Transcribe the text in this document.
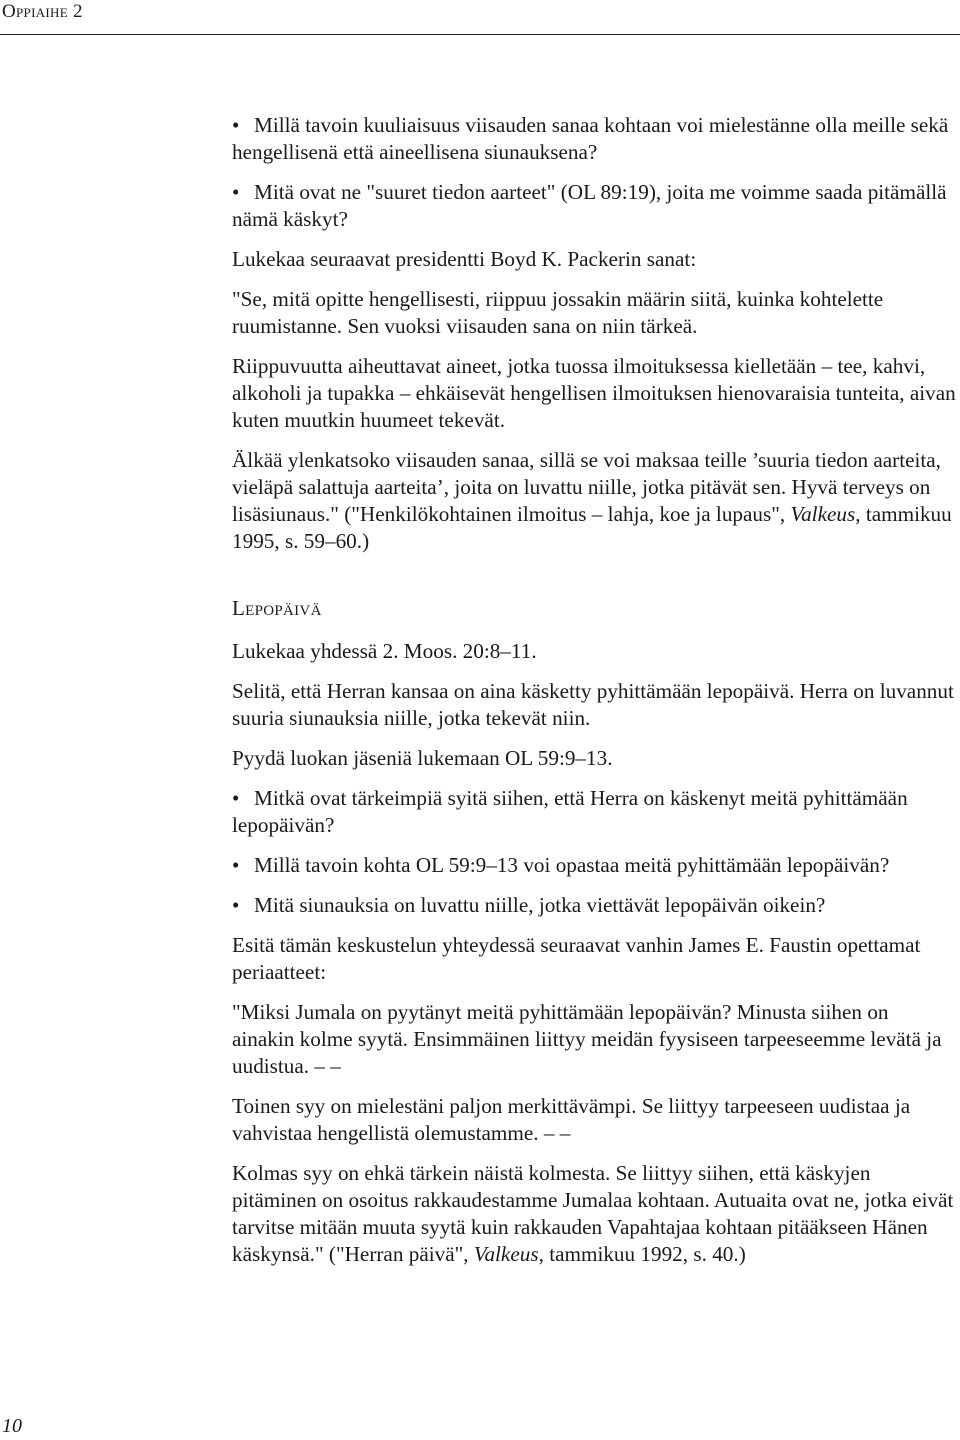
Oppiaihe 2

• Millä tavoin kuuliaisuus viisauden sanaa kohtaan voi mielestänne olla meille sekä hengellisenä että aineellisena siunauksena?

• Mitä ovat ne "suuret tiedon aarteet" (OL 89:19), joita me voimme saada pitämällä nämä käskyt?

Lukekaa seuraavat presidentti Boyd K. Packerin sanat:

"Se, mitä opitte hengellisesti, riippuu jossakin määrin siitä, kuinka kohtelette ruumistanne. Sen vuoksi viisauden sana on niin tärkeä.

Riippuvuutta aiheuttavat aineet, jotka tuossa ilmoituksessa kielletään – tee, kahvi, alkoholi ja tupakka – ehkäisevät hengellisen ilmoituksen hienovaraisia tunteita, aivan kuten muutkin huumeet tekevät.

Älkää ylenkatsoko viisauden sanaa, sillä se voi maksaa teille ’suuria tiedon aarteita, vieläpä salattuja aarteita’, joita on luvattu niille, jotka pitävät sen. Hyvä terveys on lisäsiunaus." ("Henkilökohtainen ilmoitus – lahja, koe ja lupaus", Valkeus, tammikuu 1995, s. 59–60.)

Lepopäivä

Lukekaa yhdessä 2. Moos. 20:8–11.

Selitä, että Herran kansaa on aina käsketty pyhittämään lepopäivä. Herra on luvannut suuria siunauksia niille, jotka tekevät niin.

Pyydä luokan jäseniä lukemaan OL 59:9–13.

• Mitkä ovat tärkeimpiä syitä siihen, että Herra on käskenyt meitä pyhittämään lepopäivän?

• Millä tavoin kohta OL 59:9–13 voi opastaa meitä pyhittämään lepopäivän?

• Mitä siunauksia on luvattu niille, jotka viettävät lepopäivän oikein?

Esitä tämän keskustelun yhteydessä seuraavat vanhin James E. Faustin opettamat periaatteet:

"Miksi Jumala on pyytänyt meitä pyhittämään lepopäivän? Minusta siihen on ainakin kolme syytä. Ensimmäinen liittyy meidän fyysiseen tarpeeseemme levätä ja uudistua. – –

Toinen syy on mielestäni paljon merkittävämpi. Se liittyy tarpeeseen uudistaa ja vahvistaa hengellistä olemustamme. – –

Kolmas syy on ehkä tärkein näistä kolmesta. Se liittyy siihen, että käskyjen pitäminen on osoitus rakkaudestamme Jumalaa kohtaan. Autuaita ovat ne, jotka eivät tarvitse mitään muuta syytä kuin rakkauden Vapahtajaa kohtaan pitääkseen Hänen käskynsä." ("Herran päivä", Valkeus, tammikuu 1992, s. 40.)

10
